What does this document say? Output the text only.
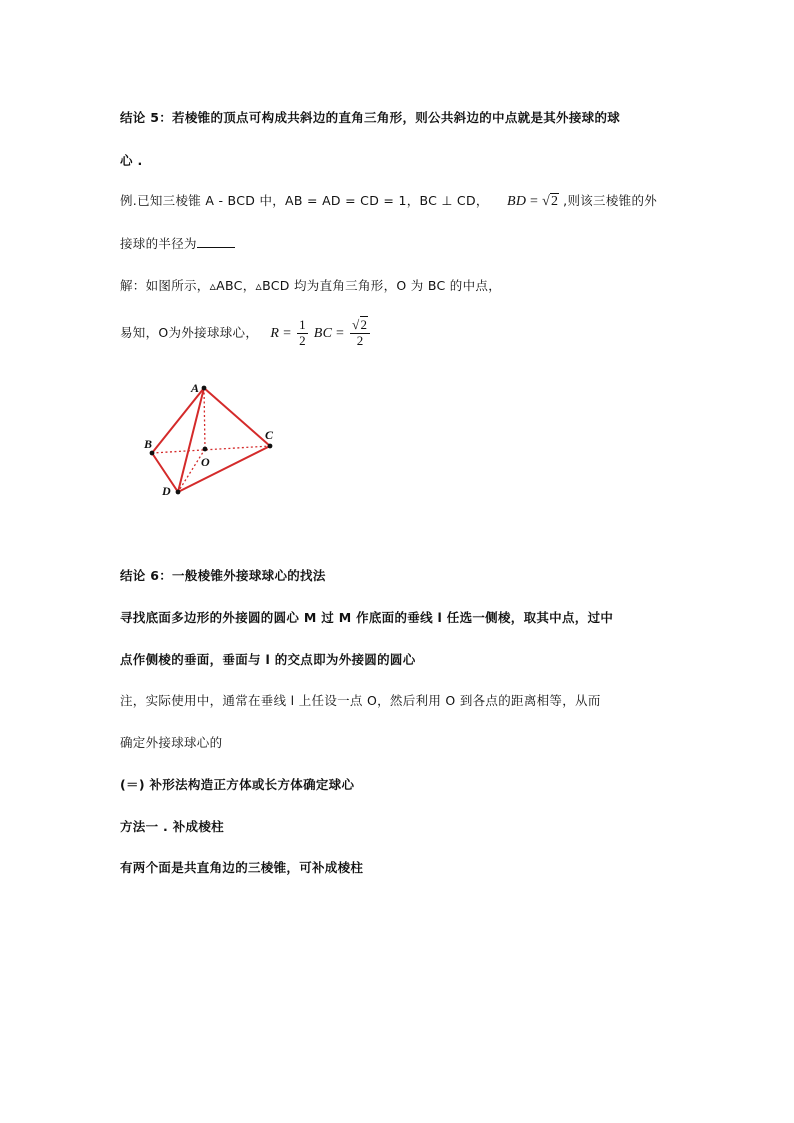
结论 5：若棱锥的顶点可构成共斜边的直角三角形，则公共斜边的中点就是其外接球的球
心 .
例.已知三棱锥 A - BCD 中，AB = AD = CD = 1，BC ⊥ CD， BD = √2 ,则该三棱锥的外
接球的半径为
解：如图所示，▵ABC，▵BCD 均为直角三角形，O 为 BC 的中点，
易知，O为外接球球心， $R = \frac{1}{2}$ BC = $\frac{√2}{2}$
A
B
C
D
O
结论 6：一般棱锥外接球球心的找法
寻找底面多边形的外接圆的圆心 M 过 M 作底面的垂线 l 任选一侧棱，取其中点，过中
点作侧棱的垂面，垂面与 l 的交点即为外接圆的圆心
注，实际使用中，通常在垂线 l 上任设一点 O，然后利用 O 到各点的距离相等，从而
确定外接球球心的
(＝) 补形法构造正方体或长方体确定球心
方法一 . 补成棱柱
有两个面是共直角边的三棱锥，可补成棱柱
